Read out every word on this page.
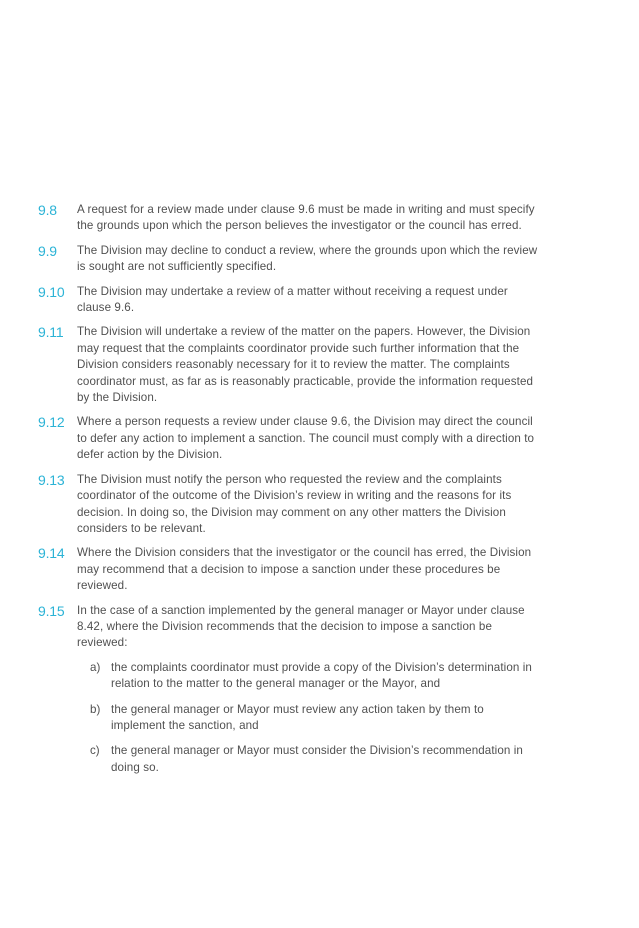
9.8	A request for a review made under clause 9.6 must be made in writing and must specify the grounds upon which the person believes the investigator or the council has erred.
9.9	The Division may decline to conduct a review, where the grounds upon which the review is sought are not sufficiently specified.
9.10	The Division may undertake a review of a matter without receiving a request under clause 9.6.
9.11	The Division will undertake a review of the matter on the papers. However, the Division may request that the complaints coordinator provide such further information that the Division considers reasonably necessary for it to review the matter. The complaints coordinator must, as far as is reasonably practicable, provide the information requested by the Division.
9.12	Where a person requests a review under clause 9.6, the Division may direct the council to defer any action to implement a sanction. The council must comply with a direction to defer action by the Division.
9.13	The Division must notify the person who requested the review and the complaints coordinator of the outcome of the Division’s review in writing and the reasons for its decision. In doing so, the Division may comment on any other matters the Division considers to be relevant.
9.14	Where the Division considers that the investigator or the council has erred, the Division may recommend that a decision to impose a sanction under these procedures be reviewed.
9.15	In the case of a sanction implemented by the general manager or Mayor under clause 8.42, where the Division recommends that the decision to impose a sanction be reviewed:
a) the complaints coordinator must provide a copy of the Division’s determination in relation to the matter to the general manager or the Mayor, and
b) the general manager or Mayor must review any action taken by them to implement the sanction, and
c) the general manager or Mayor must consider the Division’s recommendation in doing so.
